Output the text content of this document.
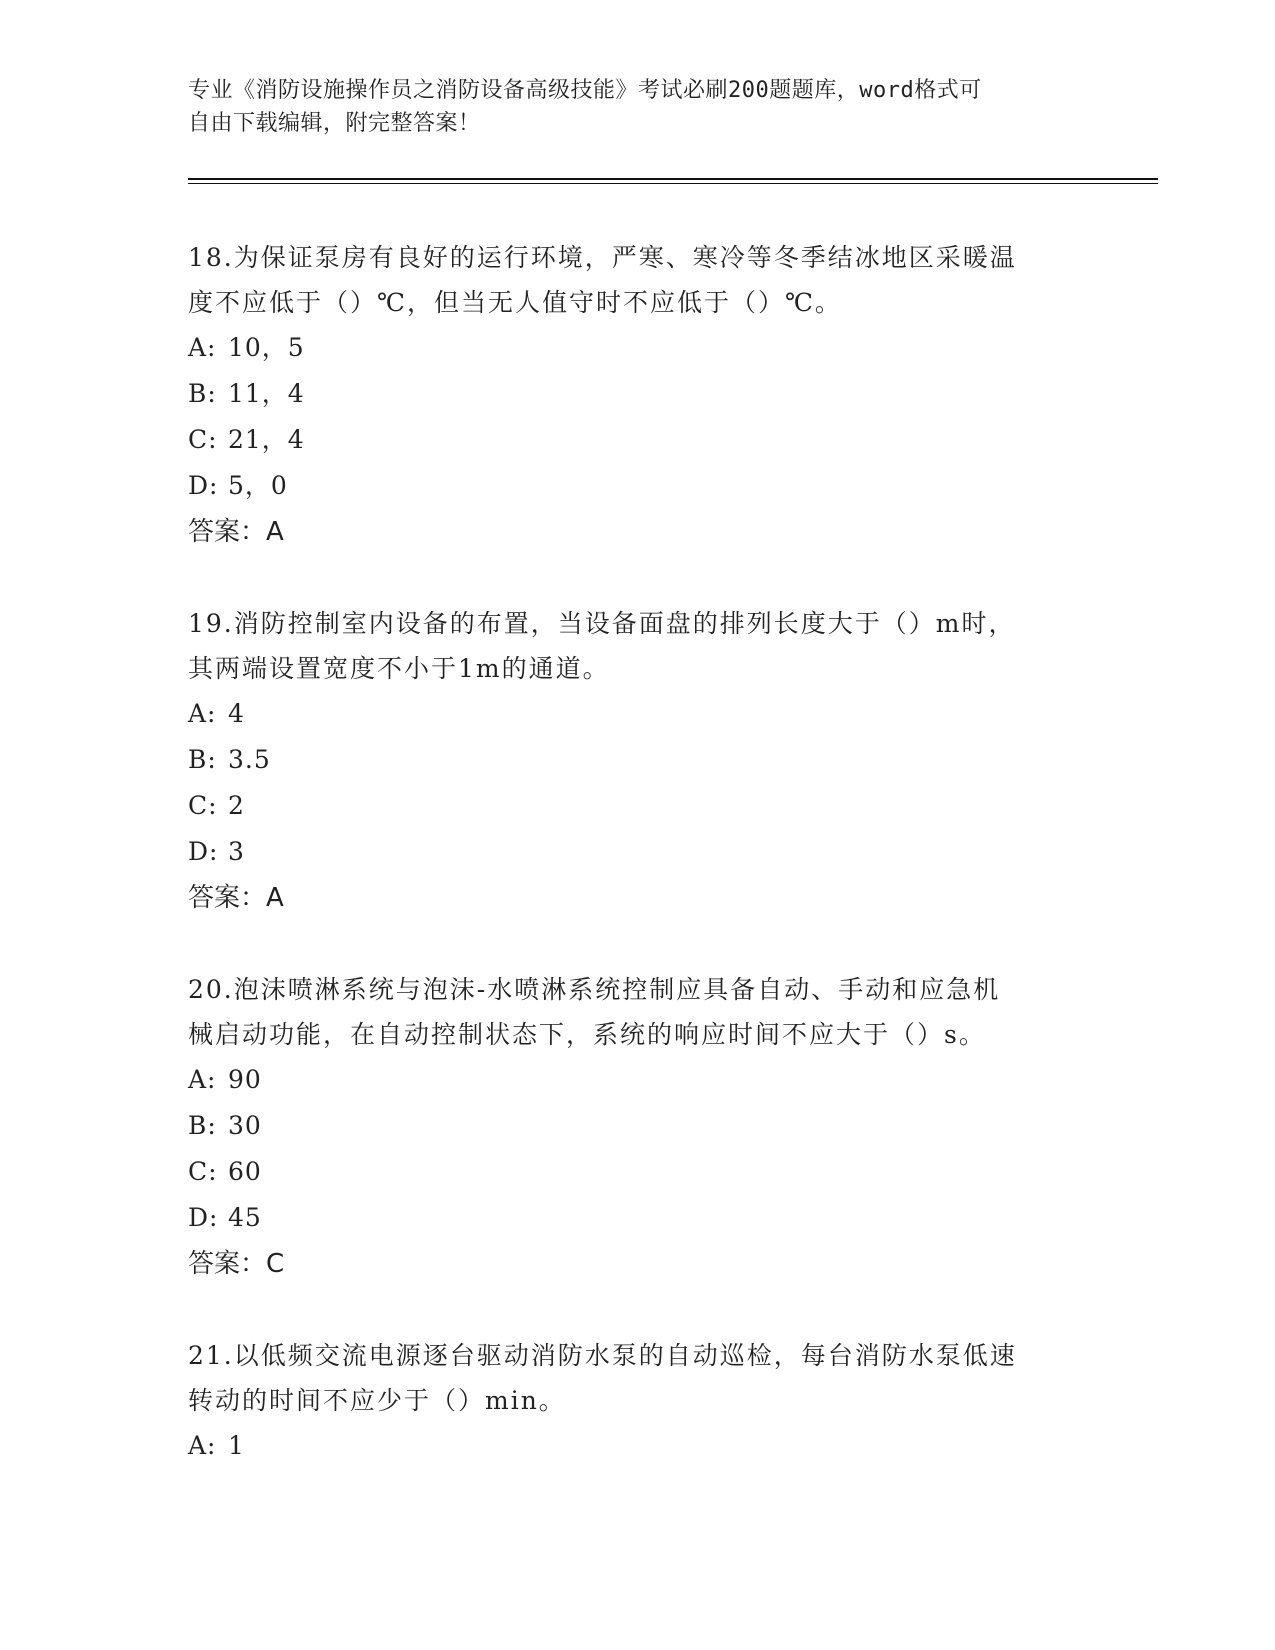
专业《消防设施操作员之消防设备高级技能》考试必刷200题题库，word格式可
自由下载编辑，附完整答案！

18.为保证泵房有良好的运行环境，严寒、寒冷等冬季结冰地区采暖温

度不应低于（）℃，但当无人值守时不应低于（）℃。

A: 10，5

B: 11，4

C: 21，4

D: 5，0

答案：A

19.消防控制室内设备的布置，当设备面盘的排列长度大于（）m时，

其两端设置宽度不小于1m的通道。

A: 4

B: 3.5

C: 2

D: 3

答案：A

20.泡沫喷淋系统与泡沫-水喷淋系统控制应具备自动、手动和应急机

械启动功能，在自动控制状态下，系统的响应时间不应大于（）s。

A: 90

B: 30

C: 60

D: 45

答案：C

21.以低频交流电源逐台驱动消防水泵的自动巡检，每台消防水泵低速

转动的时间不应少于（）min。

A: 1
